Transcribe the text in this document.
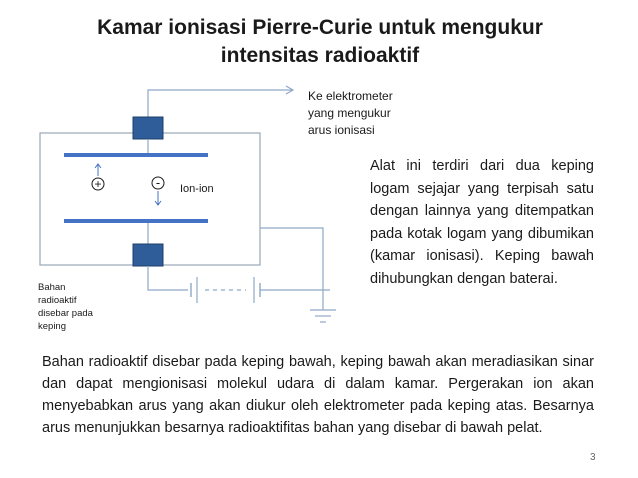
Kamar ionisasi Pierre-Curie untuk mengukur
intensitas radioaktif
+	- Ion-ion
Ke elektrometer
yang mengukur
arus ionisasi
Bahan
radioaktif
disebar pada
keping

Alat ini terdiri dari dua keping logam sejajar yang terpisah satu dengan lainnya yang ditempatkan pada kotak logam yang dibumikan (kamar ionisasi). Keping bawah dihubungkan dengan baterai.

Bahan radioaktif disebar pada keping bawah, keping bawah akan meradiasikan sinar dan dapat mengionisasi molekul udara di dalam kamar. Pergerakan ion akan menyebabkan arus yang akan diukur oleh elektrometer pada keping atas. Besarnya arus menunjukkan besarnya radioaktifitas bahan yang disebar di bawah pelat.

3
